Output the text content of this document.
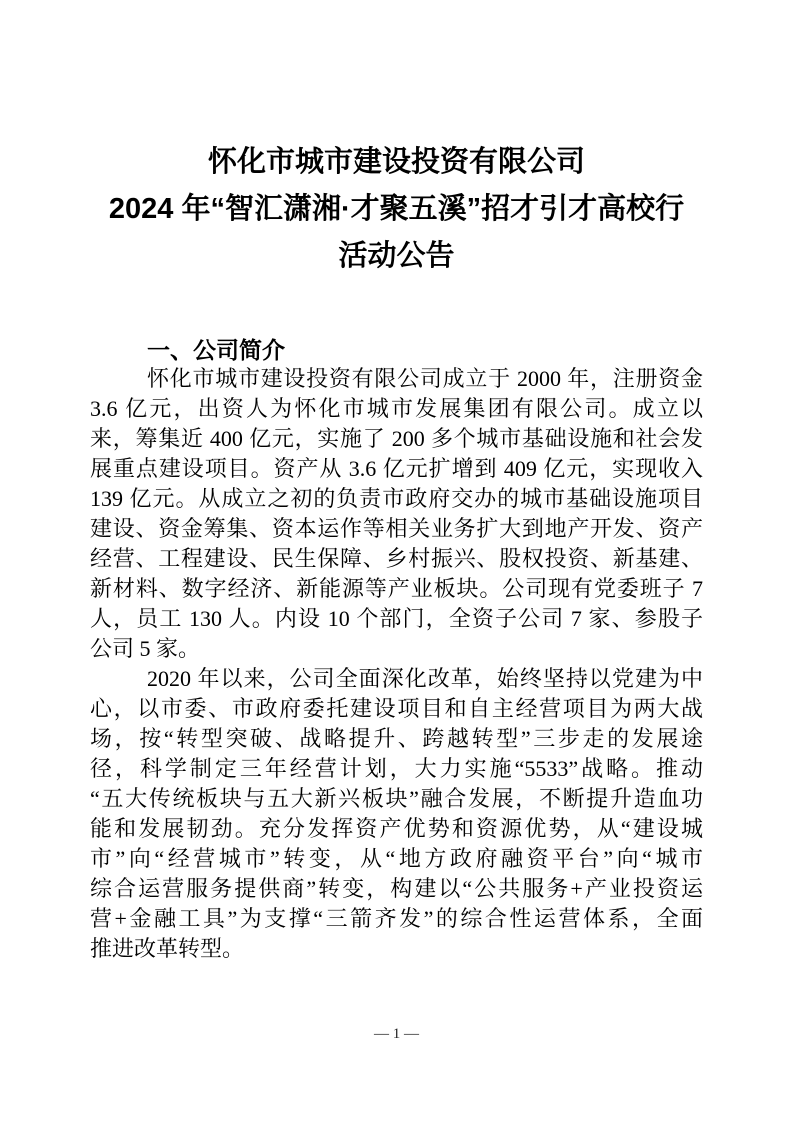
怀化市城市建设投资有限公司
2024 年“智汇潇湘·才聚五溪”招才引才高校行
活动公告
一、公司简介
怀化市城市建设投资有限公司成立于 2000 年，注册资金
3.6 亿元，出资人为怀化市城市发展集团有限公司。成立以
来，筹集近 400 亿元，实施了 200 多个城市基础设施和社会发
展重点建设项目。资产从 3.6 亿元扩增到 409 亿元，实现收入
139 亿元。从成立之初的负责市政府交办的城市基础设施项目
建设、资金筹集、资本运作等相关业务扩大到地产开发、资产
经营、工程建设、民生保障、乡村振兴、股权投资、新基建、
新材料、数字经济、新能源等产业板块。公司现有党委班子 7
人，员工 130 人。内设 10 个部门，全资子公司 7 家、参股子
公司 5 家。
2020 年以来，公司全面深化改革，始终坚持以党建为中
心，以市委、市政府委托建设项目和自主经营项目为两大战
场，按“转型突破、战略提升、跨越转型”三步走的发展途
径，科学制定三年经营计划，大力实施“5533”战略。推动
“五大传统板块与五大新兴板块”融合发展，不断提升造血功
能和发展韧劲。充分发挥资产优势和资源优势，从“建设城
市”向“经营城市”转变，从“地方政府融资平台”向“城市
综合运营服务提供商”转变，构建以“公共服务+产业投资运
营+金融工具”为支撑“三箭齐发”的综合性运营体系，全面
推进改革转型。
— 1 —
